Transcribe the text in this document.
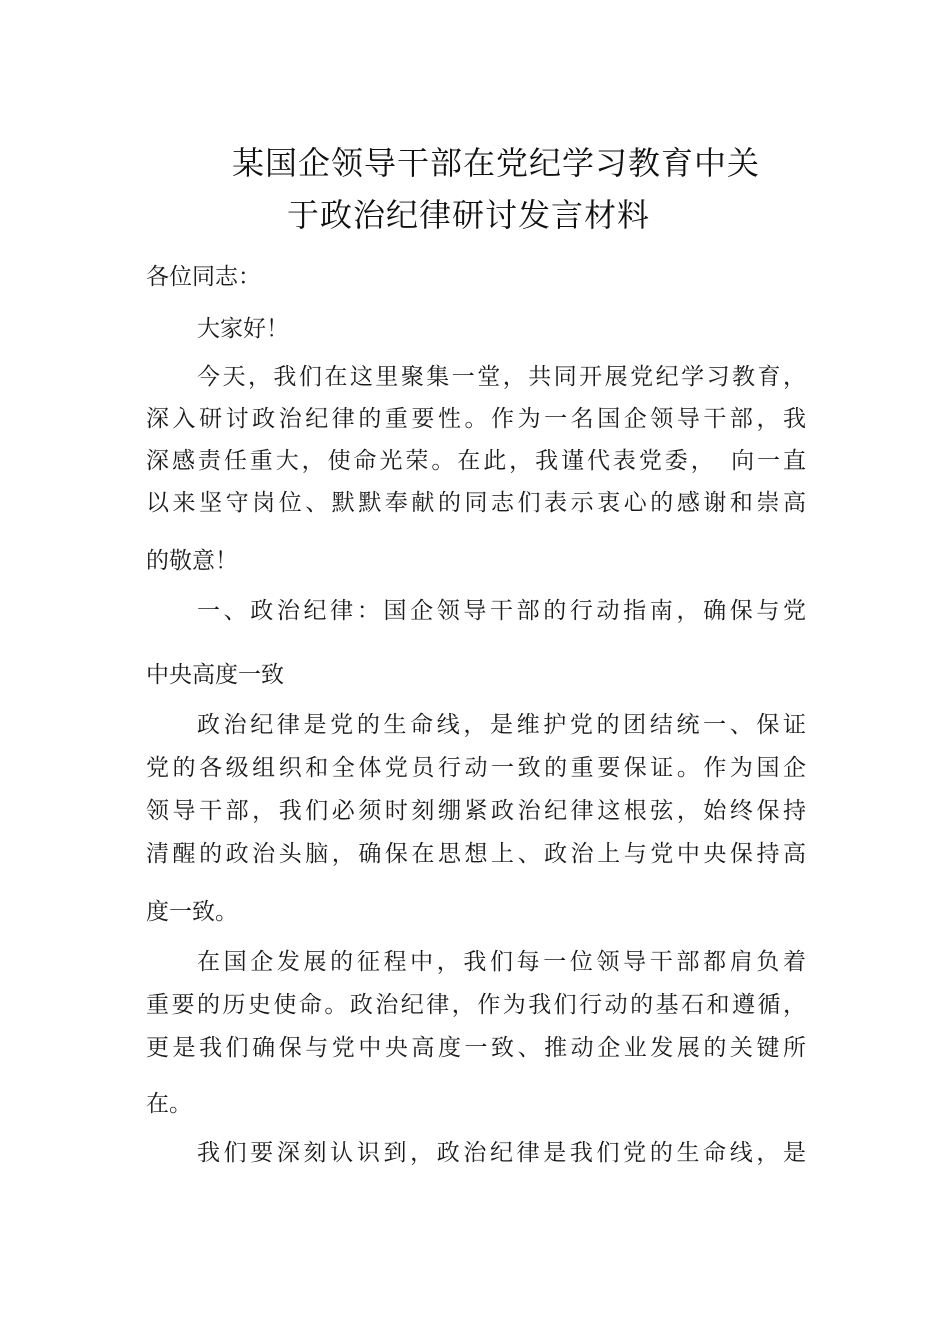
某国企领导干部在党纪学习教育中关
于政治纪律研讨发言材料
各位同志：
大家好！
今天，我们在这里聚集一堂，共同开展党纪学习教育，
深入研讨政治纪律的重要性。作为一名国企领导干部，我
深感责任重大，使命光荣。在此，我谨代表党委，　向一直
以来坚守岗位、默默奉献的同志们表示衷心的感谢和崇高
的敬意！
一、政治纪律：国企领导干部的行动指南，确保与党
中央高度一致
政治纪律是党的生命线，是维护党的团结统一、保证
党的各级组织和全体党员行动一致的重要保证。作为国企
领导干部，我们必须时刻绷紧政治纪律这根弦，始终保持
清醒的政治头脑，确保在思想上、政治上与党中央保持高
度一致。
在国企发展的征程中，我们每一位领导干部都肩负着
重要的历史使命。政治纪律，作为我们行动的基石和遵循，
更是我们确保与党中央高度一致、推动企业发展的关键所
在。
我们要深刻认识到，政治纪律是我们党的生命线，是
